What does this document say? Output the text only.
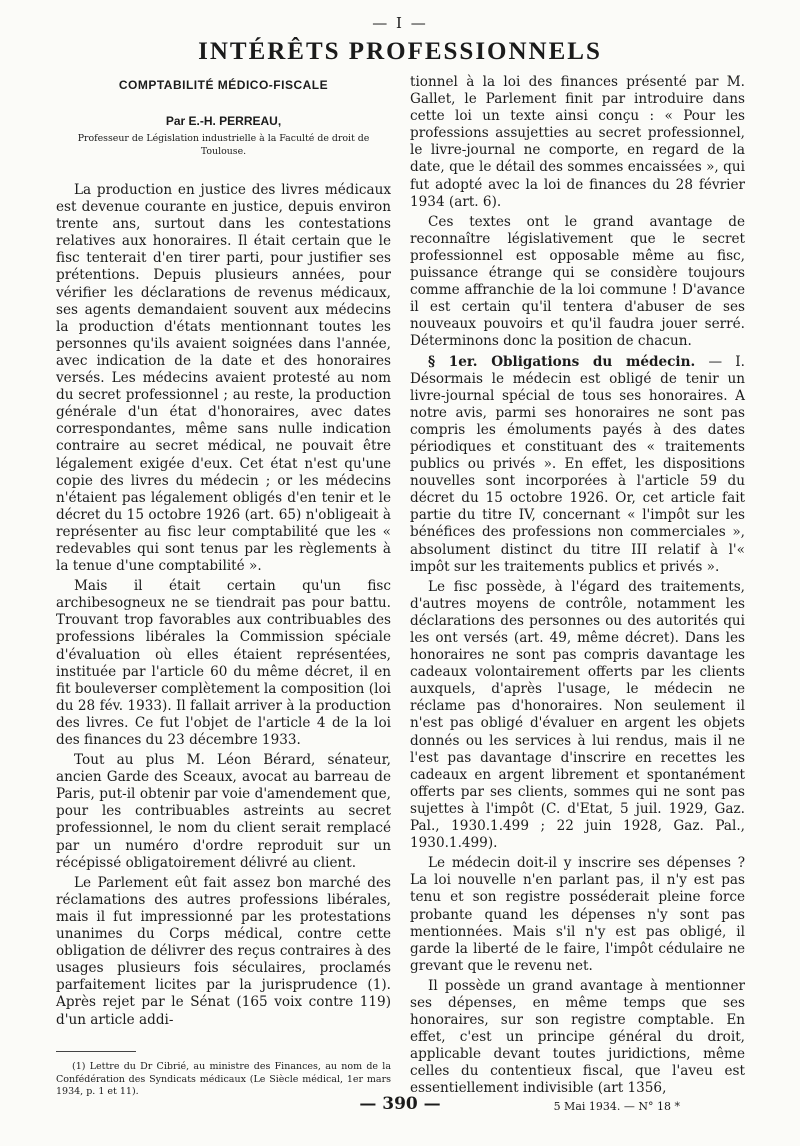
— I —
INTÉRÊTS PROFESSIONNELS
COMPTABILITÉ MÉDICO-FISCALE
Par E.-H. PERREAU,
Professeur de Législation industrielle à la Faculté de droit de Toulouse.

La production en justice des livres médicaux est devenue courante en justice, depuis environ trente ans, surtout dans les contestations relatives aux honoraires. Il était certain que le fisc tenterait d'en tirer parti, pour justifier ses prétentions. Depuis plusieurs années, pour vérifier les déclarations de revenus médicaux, ses agents demandaient souvent aux médecins la production d'états mentionnant toutes les personnes qu'ils avaient soignées dans l'année, avec indication de la date et des honoraires versés. Les médecins avaient protesté au nom du secret professionnel ; au reste, la production générale d'un état d'honoraires, avec dates correspondantes, même sans nulle indication contraire au secret médical, ne pouvait être légalement exigée d'eux. Cet état n'est qu'une copie des livres du médecin ; or les médecins n'étaient pas légalement obligés d'en tenir et le décret du 15 octobre 1926 (art. 65) n'obligeait à représenter au fisc leur comptabilité que les « redevables qui sont tenus par les règlements à la tenue d'une comptabilité ».

Mais il était certain qu'un fisc archibesogneux ne se tiendrait pas pour battu. Trouvant trop favorables aux contribuables des professions libérales la Commission spéciale d'évaluation où elles étaient représentées, instituée par l'article 60 du même décret, il en fit bouleverser complètement la composition (loi du 28 fév. 1933). Il fallait arriver à la production des livres. Ce fut l'objet de l'article 4 de la loi des finances du 23 décembre 1933.

Tout au plus M. Léon Bérard, sénateur, ancien Garde des Sceaux, avocat au barreau de Paris, put-il obtenir par voie d'amendement que, pour les contribuables astreints au secret professionnel, le nom du client serait remplacé par un numéro d'ordre reproduit sur un récépissé obligatoirement délivré au client.

Le Parlement eût fait assez bon marché des réclamations des autres professions libérales, mais il fut impressionné par les protestations unanimes du Corps médical, contre cette obligation de délivrer des reçus contraires à des usages plusieurs fois séculaires, proclamés parfaitement licites par la jurisprudence (1). Après rejet par le Sénat (165 voix contre 119) d'un article addi-

(1) Lettre du Dr Cibrié, au ministre des Finances, au nom de la Confédération des Syndicats médicaux (Le Siècle médical, 1er mars 1934, p. 1 et 11).

tionnel à la loi des finances présenté par M. Gallet, le Parlement finit par introduire dans cette loi un texte ainsi conçu : « Pour les professions assujetties au secret professionnel, le livre-journal ne comporte, en regard de la date, que le détail des sommes encaissées », qui fut adopté avec la loi de finances du 28 février 1934 (art. 6).

Ces textes ont le grand avantage de reconnaître législativement que le secret professionnel est opposable même au fisc, puissance étrange qui se considère toujours comme affranchie de la loi commune ! D'avance il est certain qu'il tentera d'abuser de ses nouveaux pouvoirs et qu'il faudra jouer serré. Déterminons donc la position de chacun.

§ 1er. Obligations du médecin. — I. Désormais le médecin est obligé de tenir un livre-journal spécial de tous ses honoraires. A notre avis, parmi ses honoraires ne sont pas compris les émoluments payés à des dates périodiques et constituant des « traitements publics ou privés ». En effet, les dispositions nouvelles sont incorporées à l'article 59 du décret du 15 octobre 1926. Or, cet article fait partie du titre IV, concernant « l'impôt sur les bénéfices des professions non commerciales », absolument distinct du titre III relatif à l'« impôt sur les traitements publics et privés ».

Le fisc possède, à l'égard des traitements, d'autres moyens de contrôle, notamment les déclarations des personnes ou des autorités qui les ont versés (art. 49, même décret). Dans les honoraires ne sont pas compris davantage les cadeaux volontairement offerts par les clients auxquels, d'après l'usage, le médecin ne réclame pas d'honoraires. Non seulement il n'est pas obligé d'évaluer en argent les objets donnés ou les services à lui rendus, mais il ne l'est pas davantage d'inscrire en recettes les cadeaux en argent librement et spontanément offerts par ses clients, sommes qui ne sont pas sujettes à l'impôt (C. d'Etat, 5 juil. 1929, Gaz. Pal., 1930.1.499 ; 22 juin 1928, Gaz. Pal., 1930.1.499).

Le médecin doit-il y inscrire ses dépenses ? La loi nouvelle n'en parlant pas, il n'y est pas tenu et son registre posséderait pleine force probante quand les dépenses n'y sont pas mentionnées. Mais s'il n'y est pas obligé, il garde la liberté de le faire, l'impôt cédulaire ne grevant que le revenu net.

Il possède un grand avantage à mentionner ses dépenses, en même temps que ses honoraires, sur son registre comptable. En effet, c'est un principe général du droit, applicable devant toutes juridictions, même celles du contentieux fiscal, que l'aveu est essentiellement indivisible (art 1356,

— 390 —	5 Mai 1934. — N° 18 *
